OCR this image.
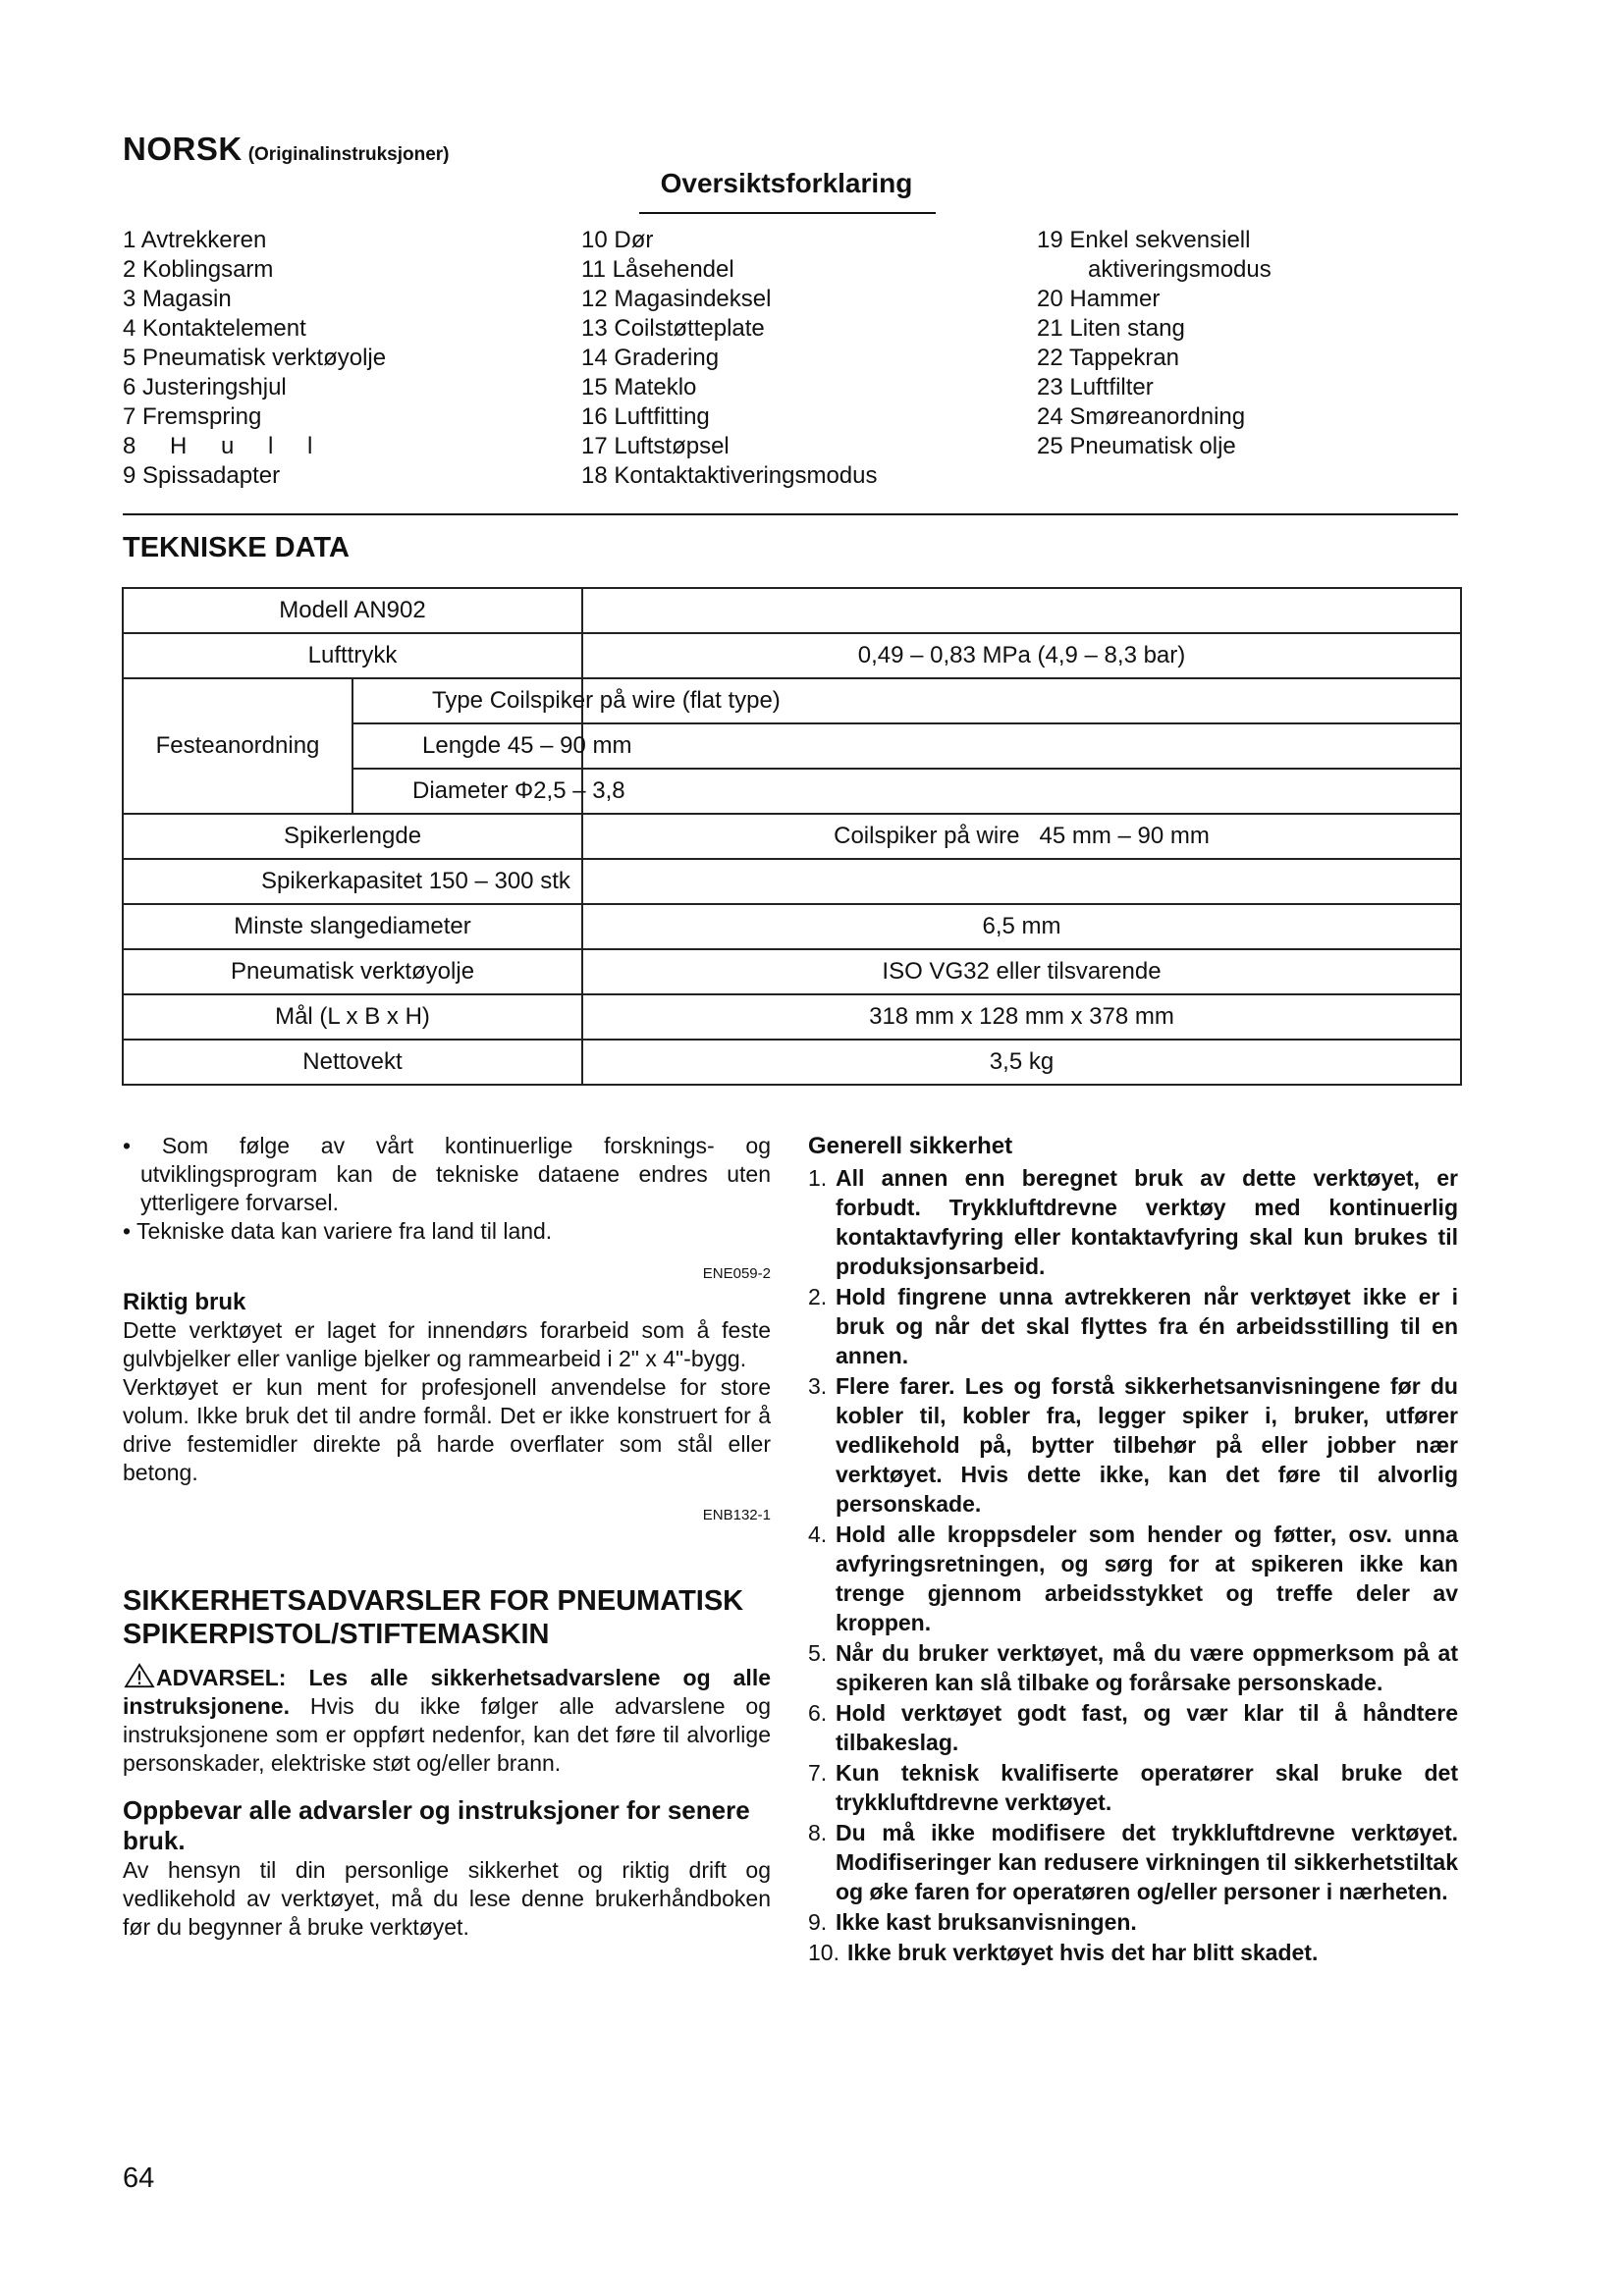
NORSK (Originalinstruksjoner)
Oversiktsforklaring
1 Avtrekkeren
2 Koblingsarm
3 Magasin
4 Kontaktelement
5 Pneumatisk verktøyolje
6 Justeringshjul
7 Fremspring
8 H u l l
9 Spissadapter
10 Dør
11 Låsehendel
12 Magasindeksel
13 Coilstøtteplate
14 Gradering
15 Mateklo
16 Luftfitting
17 Luftstøpsel
18 Kontaktaktiveringsmodus
19 Enkel sekvensiell
aktiveringsmodus
20 Hammer
21 Liten stang
22 Tappekran
23 Luftfilter
24 Smøreanordning
25 Pneumatisk olje
TEKNISKE DATA
Modell AN902		
Lufttrykk		0,49 – 0,83 MPa (4,9 – 8,3 bar)
Festeanordning	Type Coilspiker på wire (flat type)	
	Lengde 45 – 90 mm	
	Diameter Φ2,5 – 3,8	
Spikerlengde		Coilspiker på wire   45 mm – 90 mm
Spikerkapasitet 150 – 300 stk		
Minste slangediameter		6,5 mm
Pneumatisk verktøyolje		ISO VG32 eller tilsvarende
Mål (L x B x H)		318 mm x 128 mm x 378 mm
Nettovekt		3,5 kg

• Som følge av vårt kontinuerlige forsknings- og utviklingsprogram kan de tekniske dataene endres uten ytterligere forvarsel.

• Tekniske data kan variere fra land til land.

ENE059-2

Riktig bruk

Dette verktøyet er laget for innendørs forarbeid som å feste gulvbjelker eller vanlige bjelker og rammearbeid i 2" x 4"-bygg.

Verktøyet er kun ment for profesjonell anvendelse for store volum. Ikke bruk det til andre formål. Det er ikke konstruert for å drive festemidler direkte på harde overflater som stål eller betong.

ENB132-1

SIKKERHETSADVARSLER FOR PNEUMATISK SPIKERPISTOL/STIFTEMASKIN

ADVARSEL: Les alle sikkerhetsadvarslene og alle instruksjonene. Hvis du ikke følger alle advarslene og instruksjonene som er oppført nedenfor, kan det føre til alvorlige personskader, elektriske støt og/eller brann.

Oppbevar alle advarsler og instruksjoner for senere bruk.

Av hensyn til din personlige sikkerhet og riktig drift og vedlikehold av verktøyet, må du lese denne brukerhåndboken før du begynner å bruke verktøyet.

Generell sikkerhet

1. All annen enn beregnet bruk av dette verktøyet, er forbudt. Trykkluftdrevne verktøy med kontinuerlig kontaktavfyring eller kontaktavfyring skal kun brukes til produksjonsarbeid.
2. Hold fingrene unna avtrekkeren når verktøyet ikke er i bruk og når det skal flyttes fra én arbeidsstilling til en annen.
3. Flere farer. Les og forstå sikkerhetsanvisningene før du kobler til, kobler fra, legger spiker i, bruker, utfører vedlikehold på, bytter tilbehør på eller jobber nær verktøyet. Hvis dette ikke, kan det føre til alvorlig personskade.
4. Hold alle kroppsdeler som hender og føtter, osv. unna avfyringsretningen, og sørg for at spikeren ikke kan trenge gjennom arbeidsstykket og treffe deler av kroppen.
5. Når du bruker verktøyet, må du være oppmerksom på at spikeren kan slå tilbake og forårsake personskade.
6. Hold verktøyet godt fast, og vær klar til å håndtere tilbakeslag.
7. Kun teknisk kvalifiserte operatører skal bruke det trykkluftdrevne verktøyet.
8. Du må ikke modifisere det trykkluftdrevne verktøyet. Modifiseringer kan redusere virkningen til sikkerhetstiltak og øke faren for operatøren og/eller personer i nærheten.
9. Ikke kast bruksanvisningen.
10. Ikke bruk verktøyet hvis det har blitt skadet.
64
